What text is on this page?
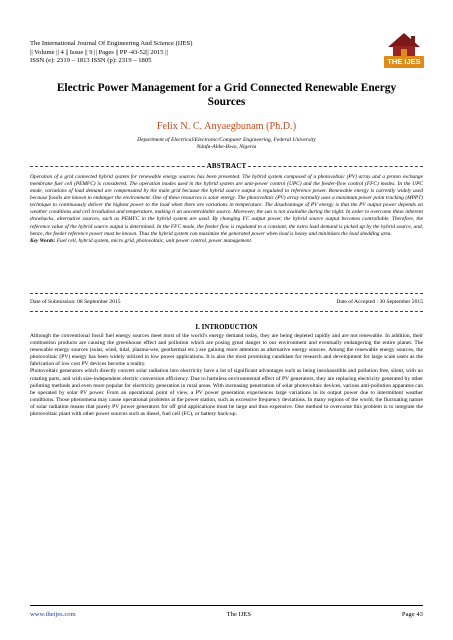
The International Journal Of Engineering And Science (IJES)
|| Volume || 4 || Issue || 9 || Pages || PP -43-52|| 2015 ||
ISSN (e): 2319 – 1813 ISSN (p): 2319 – 1805	THE IJES
Electric Power Management for a Grid Connected Renewable Energy Sources
Felix N. C. Anyaegbunam (Ph.D.)
Department of Electrical/Electronic/Computer Engineering, Federal University
Ndufu-Alike-Ikwo, Nigeria
ABSTRACT
Operation of a grid connected hybrid system for renewable energy sources has been presented. The hybrid system composed of a photovoltaic (PV) array and a proton exchange membrane fuel cell (PEMFC) is considered. The operation modes used in the hybrid system are unit-power control (UPC) and the feeder-flow control (FFC) modes. In the UPC mode, variations of load demand are compensated by the main grid because the hybrid source output is regulated to reference power. Renewable energy is currently widely used because fossils are known to endanger the environment. One of these resources is solar energy. The photovoltaic (PV) array normally uses a maximum power point tracking (MPPT) technique to continuously deliver the highest power to the load when there are variations in temperature. The disadvantage of PV energy is that the PV output power depends on weather conditions and cell irradiation and temperature, making it an uncontrollable source. Moreover, the sun is not available during the night. In order to overcome these inherent drawbacks, alternative sources, such as PEMFC in the hybrid system are used. By changing FC output power, the hybrid source output becomes controllable. Therefore, the reference value of the hybrid source output is determined. In the FFC mode, the feeder flow is regulated to a constant, the extra load demand is picked up by the hybrid source, and, hence, the feeder reference power must be known. Thus the hybrid system can maximize the generated power when load is heavy and minimizes the load shedding area.
Key Words: Fuel cell, hybrid system, micro grid, photovoltaic, unit power control, power management.
Date of Submission: 08 September 2015	Date of Accepted : 30 September 2015
I. INTRODUCTION

Although the conventional fossil fuel energy sources meet most of the world’s energy demand today, they are being depleted rapidly and are not renewable. In addition, their combustion products are causing the greenhouse effect and pollution which are posing great danger to our environment and eventually endangering the entire planet. The renewable energy sources (solar, wind, tidal, plasma-wte, geothermal etc.) are gaining more attention as alternative energy sources. Among the renewable energy sources, the photovoltaic (PV) energy has been widely utilized in low power applications. It is also the most promising candidate for research and development for large scale users as the fabrication of low cost PV devices become a reality.

Photovoltaic generators which directly convert solar radiation into electricity have a lot of significant advantages such as being inexhaustible and pollution free, silent, with no rotating parts, and with size-independent electric conversion efficiency. Due to harmless environmental effect of PV generators, they are replacing electricity generated by other polluting methods and even more popular for electricity generation in rural areas. With increasing penetration of solar photovoltaic devices, various anti-pollution apparatus can be operated by solar PV power. From an operational point of view, a PV power generation experiences large variations in its output power due to intermittent weather conditions. Those phenomena may cause operational problems at the power station, such as excessive frequency deviations. In many regions of the world, the fluctuating nature of solar radiation means that purely PV power generators for off grid applications must be large and thus expensive. One method to overcome this problem is to integrate the photovoltaic plant with other power sources such as diesel, fuel cell (FC), or battery back-up.

www.theijes.com	The IJES	Page 43
